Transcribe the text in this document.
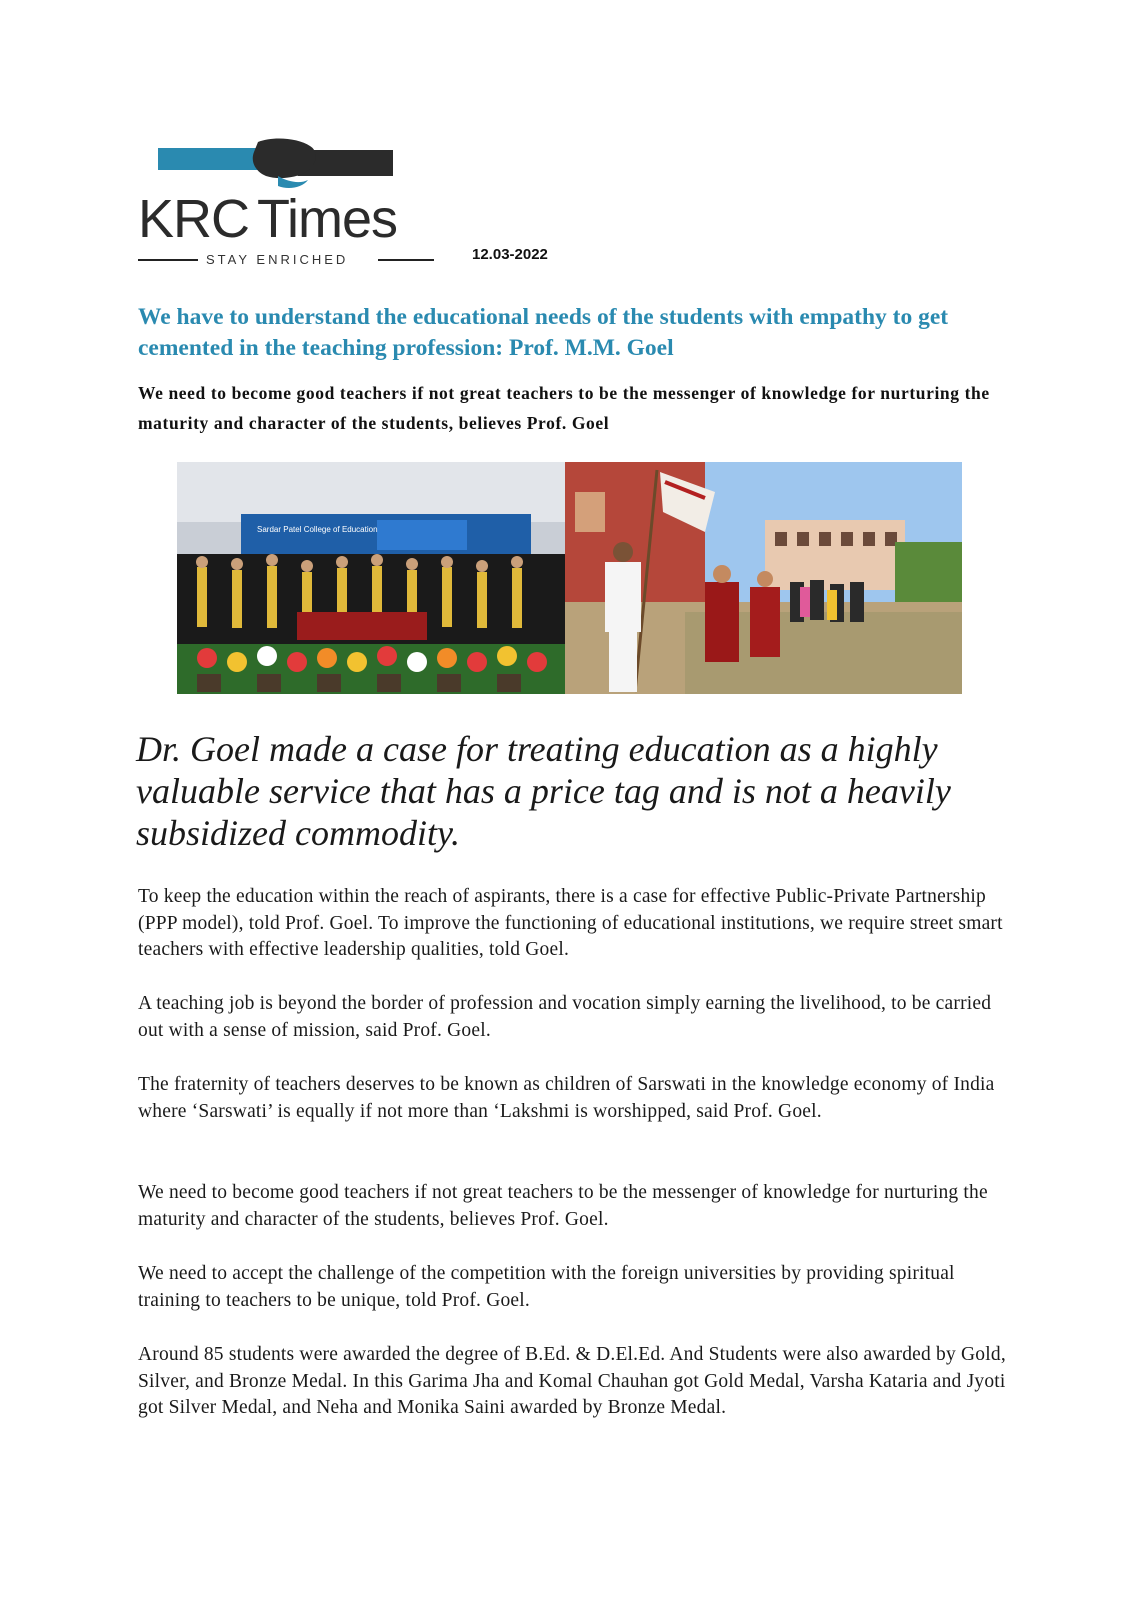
KRC Times
STAY ENRICHED	12.03-2022
We have to understand the educational needs of the students with empathy to get cemented in the teaching profession: Prof. M.M. Goel

We need to become good teachers if not great teachers to be the messenger of knowledge for nurturing the maturity and character of the students, believes Prof. Goel

Sardar Patel College of Education

Dr. Goel made a case for treating education as a highly valuable service that has a price tag and is not a heavily subsidized commodity.

To keep the education within the reach of aspirants, there is a case for effective Public-Private Partnership (PPP model), told Prof. Goel. To improve the functioning of educational institutions, we require street smart teachers with effective leadership qualities, told Goel.

A teaching job is beyond the border of profession and vocation simply earning the livelihood, to be carried out with a sense of mission, said Prof. Goel.

The fraternity of teachers deserves to be known as children of Sarswati in the knowledge economy of India where ‘Sarswati’ is equally if not more than ‘Lakshmi is worshipped, said Prof. Goel.

We need to become good teachers if not great teachers to be the messenger of knowledge for nurturing the maturity and character of the students, believes Prof. Goel.

We need to accept the challenge of the competition with the foreign universities by providing spiritual training to teachers to be unique, told Prof. Goel.

Around 85 students were awarded the degree of B.Ed. & D.El.Ed. And Students were also awarded by Gold, Silver, and Bronze Medal. In this Garima Jha and Komal Chauhan got Gold Medal, Varsha Kataria and Jyoti got Silver Medal, and Neha and Monika Saini awarded by Bronze Medal.
